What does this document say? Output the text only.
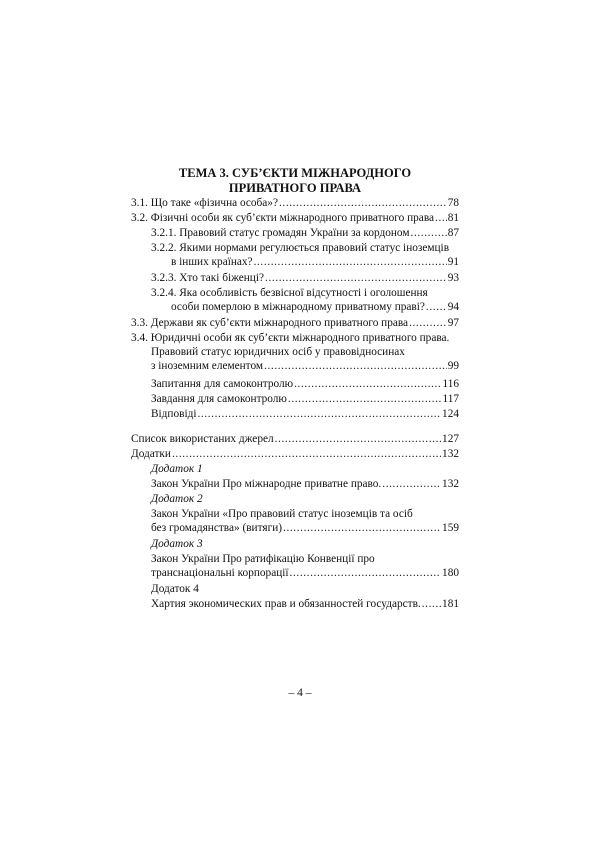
ТЕМА 3. СУБ’ЄКТИ МІЖНАРОДНОГО
ПРИВАТНОГО ПРАВА
3.1. Що таке «фізична особа»? .....	78
3.2. Фізичні особи як суб’єкти міжнародного приватного права ..... 81
3.2.1. Правовий статус громадян України за кордоном .....	87
3.2.2. Якими нормами регулюється правовий статус іноземців
в інших країнах? .....	91
3.2.3. Хто такі біженці? .....	93
3.2.4. Яка особливість безвісної відсутності і оголошення
особи померлою в міжнародному приватному праві? ..... 94
3.3. Держави як суб’єкти міжнародного приватного права .....	97
3.4. Юридичні особи як суб’єкти міжнародного приватного права.
Правовий статус юридичних осіб у правовідносинах
з іноземним елементом .....	99
Запитання для самоконтролю .....	116
Завдання для самоконтролю .....	117
Відповіді .....	124
Список використаних джерел .....	127
Додатки .....	132
Додаток 1
Закон України Про міжнародне приватне право. .....	132
Додаток 2
Закон України «Про правовий статус іноземців та осіб
без громадянства» (витяги) .....	159
Додаток 3
Закон України Про ратифікацію Конвенції про
транснаціональні корпорації .....	180
Додаток 4
Хартия экономических прав и обязанностей государств. ..... 181
– 4 –
